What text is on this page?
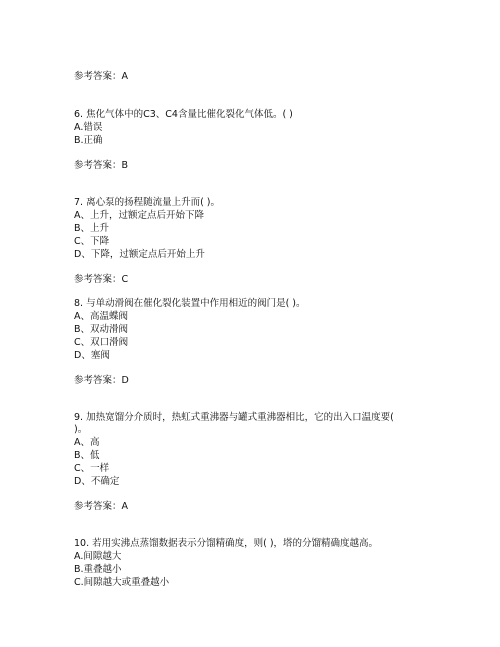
参考答案：A
6. 焦化气体中的C3、C4含量比催化裂化气体低。( )
A.错误
B.正确
参考答案：B
7. 离心泵的扬程随流量上升而( )。
A、上升，过额定点后开始下降
B、上升
C、下降
D、下降，过额定点后开始上升
参考答案：C
8. 与单动滑阀在催化裂化装置中作用相近的阀门是( )。
A、高温蝶阀
B、双动滑阀
C、双口滑阀
D、塞阀
参考答案：D
9. 加热宽馏分介质时，热虹式重沸器与罐式重沸器相比，它的出入口温度要(
)。
A、高
B、低
C、一样
D、不确定
参考答案：A
10. 若用实沸点蒸馏数据表示分馏精确度，则( )，塔的分馏精确度越高。
A.间隙越大
B.重叠越小
C.间隙越大或重叠越小
